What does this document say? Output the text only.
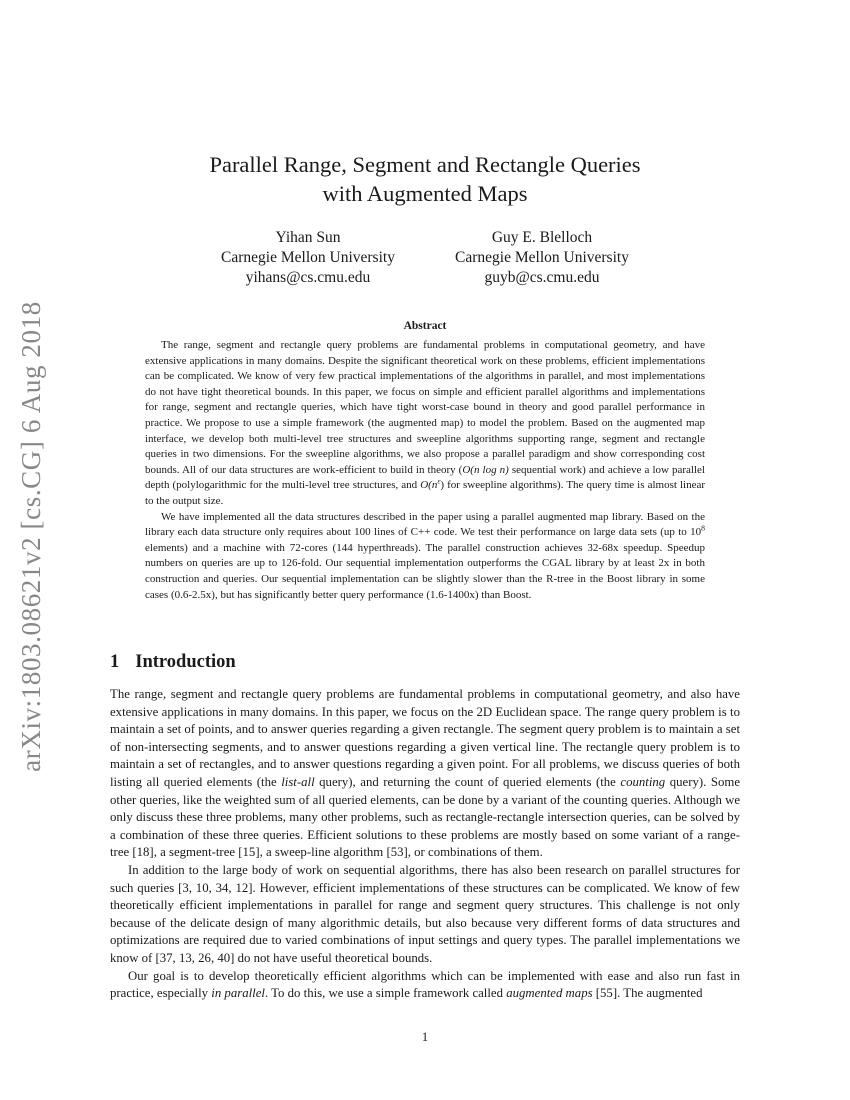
arXiv:1803.08621v2 [cs.CG] 6 Aug 2018
Parallel Range, Segment and Rectangle Queries
with Augmented Maps
Yihan Sun
Carnegie Mellon University
yihans@cs.cmu.edu
Guy E. Blelloch
Carnegie Mellon University
guyb@cs.cmu.edu
Abstract

The range, segment and rectangle query problems are fundamental problems in computational geometry, and have extensive applications in many domains. Despite the significant theoretical work on these problems, efficient implementations can be complicated. We know of very few practical implementations of the algorithms in parallel, and most implementations do not have tight theoretical bounds. In this paper, we focus on simple and efficient parallel algorithms and implementations for range, segment and rectangle queries, which have tight worst-case bound in theory and good parallel performance in practice. We propose to use a simple framework (the augmented map) to model the problem. Based on the augmented map interface, we develop both multi-level tree structures and sweepline algorithms supporting range, segment and rectangle queries in two dimensions. For the sweepline algorithms, we also propose a parallel paradigm and show corresponding cost bounds. All of our data structures are work-efficient to build in theory (O(n log n) sequential work) and achieve a low parallel depth (polylogarithmic for the multi-level tree structures, and $O(n^\varepsilon)$ for sweepline algorithms). The query time is almost linear to the output size.

We have implemented all the data structures described in the paper using a parallel augmented map library. Based on the library each data structure only requires about 100 lines of C++ code. We test their performance on large data sets (up to $10^8$ elements) and a machine with 72-cores (144 hyperthreads). The parallel construction achieves 32-68x speedup. Speedup numbers on queries are up to 126-fold. Our sequential implementation outperforms the CGAL library by at least 2x in both construction and queries. Our sequential implementation can be slightly slower than the R-tree in the Boost library in some cases (0.6-2.5x), but has significantly better query performance (1.6-1400x) than Boost.

1 Introduction

The range, segment and rectangle query problems are fundamental problems in computational geometry, and also have extensive applications in many domains. In this paper, we focus on the 2D Euclidean space. The range query problem is to maintain a set of points, and to answer queries regarding a given rectangle. The segment query problem is to maintain a set of non-intersecting segments, and to answer questions regarding a given vertical line. The rectangle query problem is to maintain a set of rectangles, and to answer questions regarding a given point. For all problems, we discuss queries of both listing all queried elements (the list-all query), and returning the count of queried elements (the counting query). Some other queries, like the weighted sum of all queried elements, can be done by a variant of the counting queries. Although we only discuss these three problems, many other problems, such as rectangle-rectangle intersection queries, can be solved by a combination of these three queries. Efficient solutions to these problems are mostly based on some variant of a range-tree [18], a segment-tree [15], a sweep-line algorithm [53], or combinations of them.

In addition to the large body of work on sequential algorithms, there has also been research on parallel structures for such queries [3, 10, 34, 12]. However, efficient implementations of these structures can be complicated. We know of few theoretically efficient implementations in parallel for range and segment query structures. This challenge is not only because of the delicate design of many algorithmic details, but also because very different forms of data structures and optimizations are required due to varied combinations of input settings and query types. The parallel implementations we know of [37, 13, 26, 40] do not have useful theoretical bounds.

Our goal is to develop theoretically efficient algorithms which can be implemented with ease and also run fast in practice, especially in parallel. To do this, we use a simple framework called augmented maps [55]. The augmented

1
